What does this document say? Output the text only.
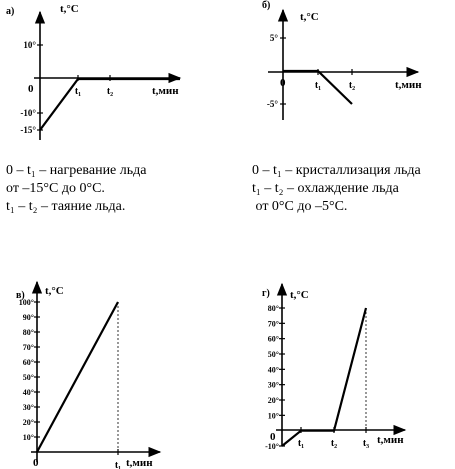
а)	t,°C
t,мин
0
10°
-10°
-15°
t₁	t₂
б)
t,°C
t,мин
0
5°
-5°
t₁	t₂
в) t,°C
t,мин
0
10°
20°
30°
40°
50°
60°
70°
80°
90°
100°
t₁
г) t,°C
t,мин
0
-10°
10°
20°
30°
40°
50°
60°
70°
80°
t₁	t₂	t₃
0 – t₁ – нагревание льда
от –15°С до 0°С.
t₁ – t₂ – таяние льда.
0 – t₁ – кристаллизация льда
t₁ – t₂ – охлаждение льда
от 0°С до –5°С.
